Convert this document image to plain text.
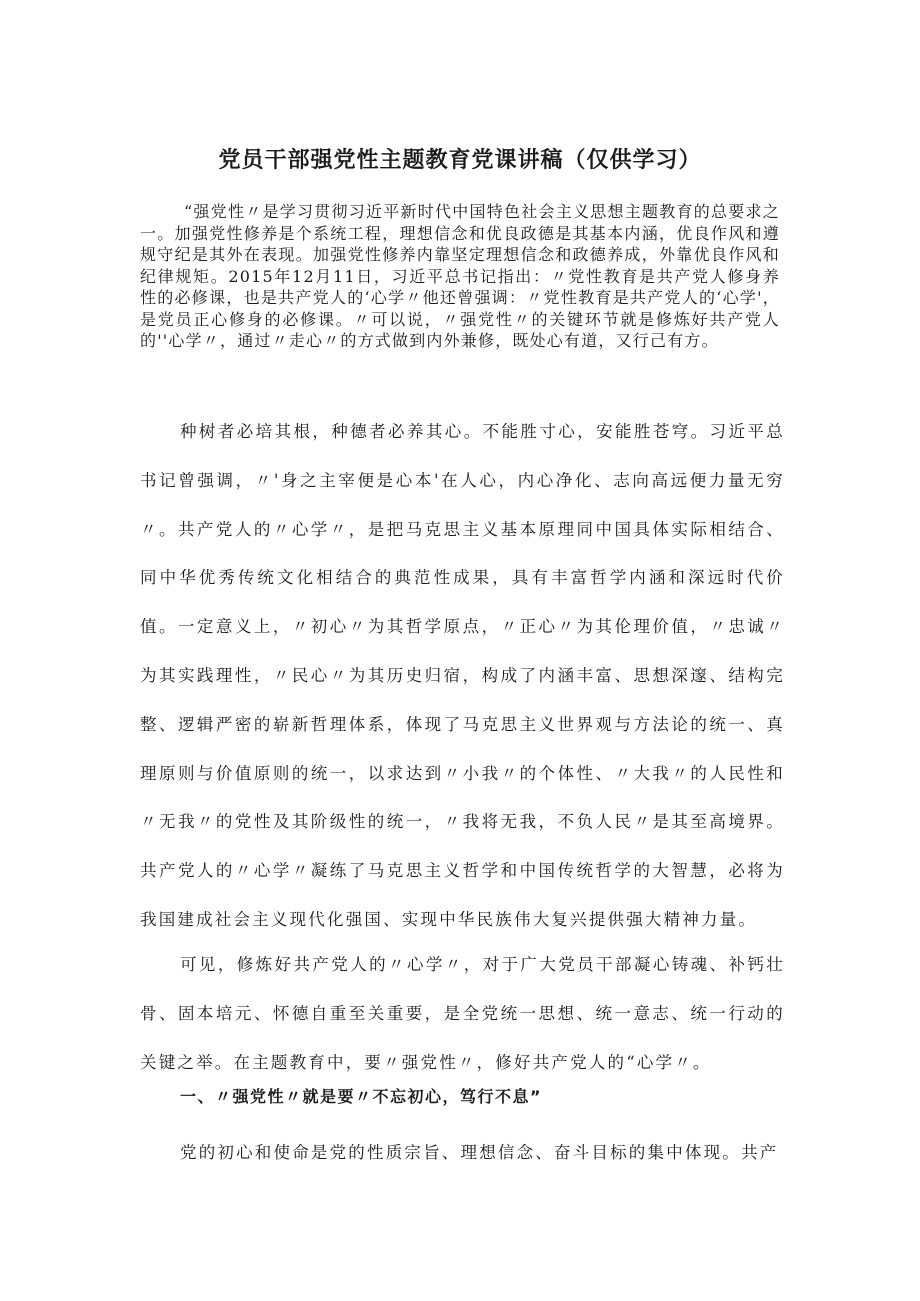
党员干部强党性主题教育党课讲稿（仅供学习）

“强党性〃是学习贯彻习近平新时代中国特色社会主义思想主题教育的总要求之一。加强党性修养是个系统工程，理想信念和优良政德是其基本内涵，优良作风和遵规守纪是其外在表现。加强党性修养内靠坚定理想信念和政德养成，外靠优良作风和纪律规矩。2015年12月11日，习近平总书记指出：〃党性教育是共产党人修身养性的必修课，也是共产党人的‘心学〃他还曾强调：〃党性教育是共产党人的‘心学'，是党员正心修身的必修课。〃可以说，〃强党性〃的关键环节就是修炼好共产党人的''心学〃，通过〃走心〃的方式做到内外兼修，既处心有道，又行己有方。

种树者必培其根，种德者必养其心。不能胜寸心，安能胜苍穹。习近平总书记曾强调，〃'身之主宰便是心本'在人心，内心净化、志向高远便力量无穷〃。共产党人的〃心学〃，是把马克思主义基本原理同中国具体实际相结合、同中华优秀传统文化相结合的典范性成果，具有丰富哲学内涵和深远时代价值。一定意义上，〃初心〃为其哲学原点，〃正心〃为其伦理价值，〃忠诚〃为其实践理性，〃民心〃为其历史归宿，构成了内涵丰富、思想深邃、结构完整、逻辑严密的崭新哲理体系，体现了马克思主义世界观与方法论的统一、真理原则与价值原则的统一，以求达到〃小我〃的个体性、〃大我〃的人民性和〃无我〃的党性及其阶级性的统一，〃我将无我，不负人民〃是其至高境界。共产党人的〃心学〃凝练了马克思主义哲学和中国传统哲学的大智慧，必将为我国建成社会主义现代化强国、实现中华民族伟大复兴提供强大精神力量。

可见，修炼好共产党人的〃心学〃，对于广大党员干部凝心铸魂、补钙壮骨、固本培元、怀德自重至关重要，是全党统一思想、统一意志、统一行动的关键之举。在主题教育中，要〃强党性〃，修好共产党人的“心学〃。

一、〃强党性〃就是要〃不忘初心，笃行不息”

党的初心和使命是党的性质宗旨、理想信念、奋斗目标的集中体现。共产
